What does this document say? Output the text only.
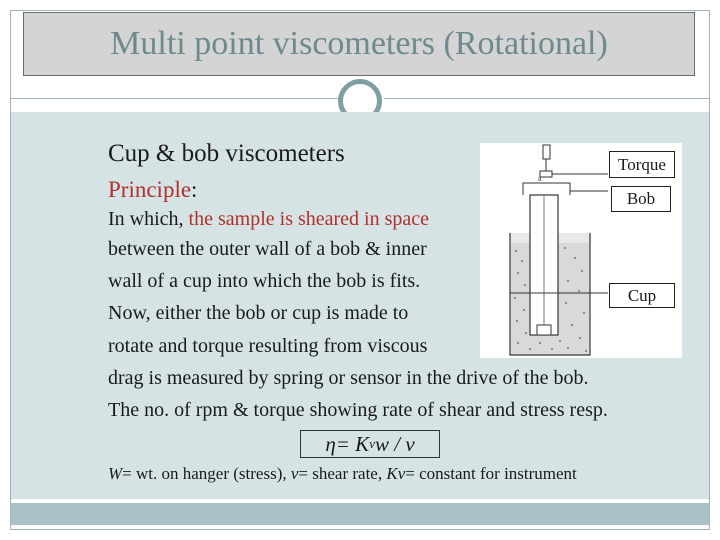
Multi point viscometers (Rotational)
Cup & bob viscometers
Principle:
In which, the sample is sheared in space
between the outer wall of a bob & inner
wall of a cup into which the bob is fits.
Now, either the bob or cup is made to
rotate and torque resulting from viscous
drag is measured by spring or sensor in the drive of the bob.
The no. of rpm & torque showing rate of shear and stress resp.
a
Torque
Bob
Cup
η = K v w / v
W= wt. on hanger (stress), v= shear rate, Kv= constant for instrument
